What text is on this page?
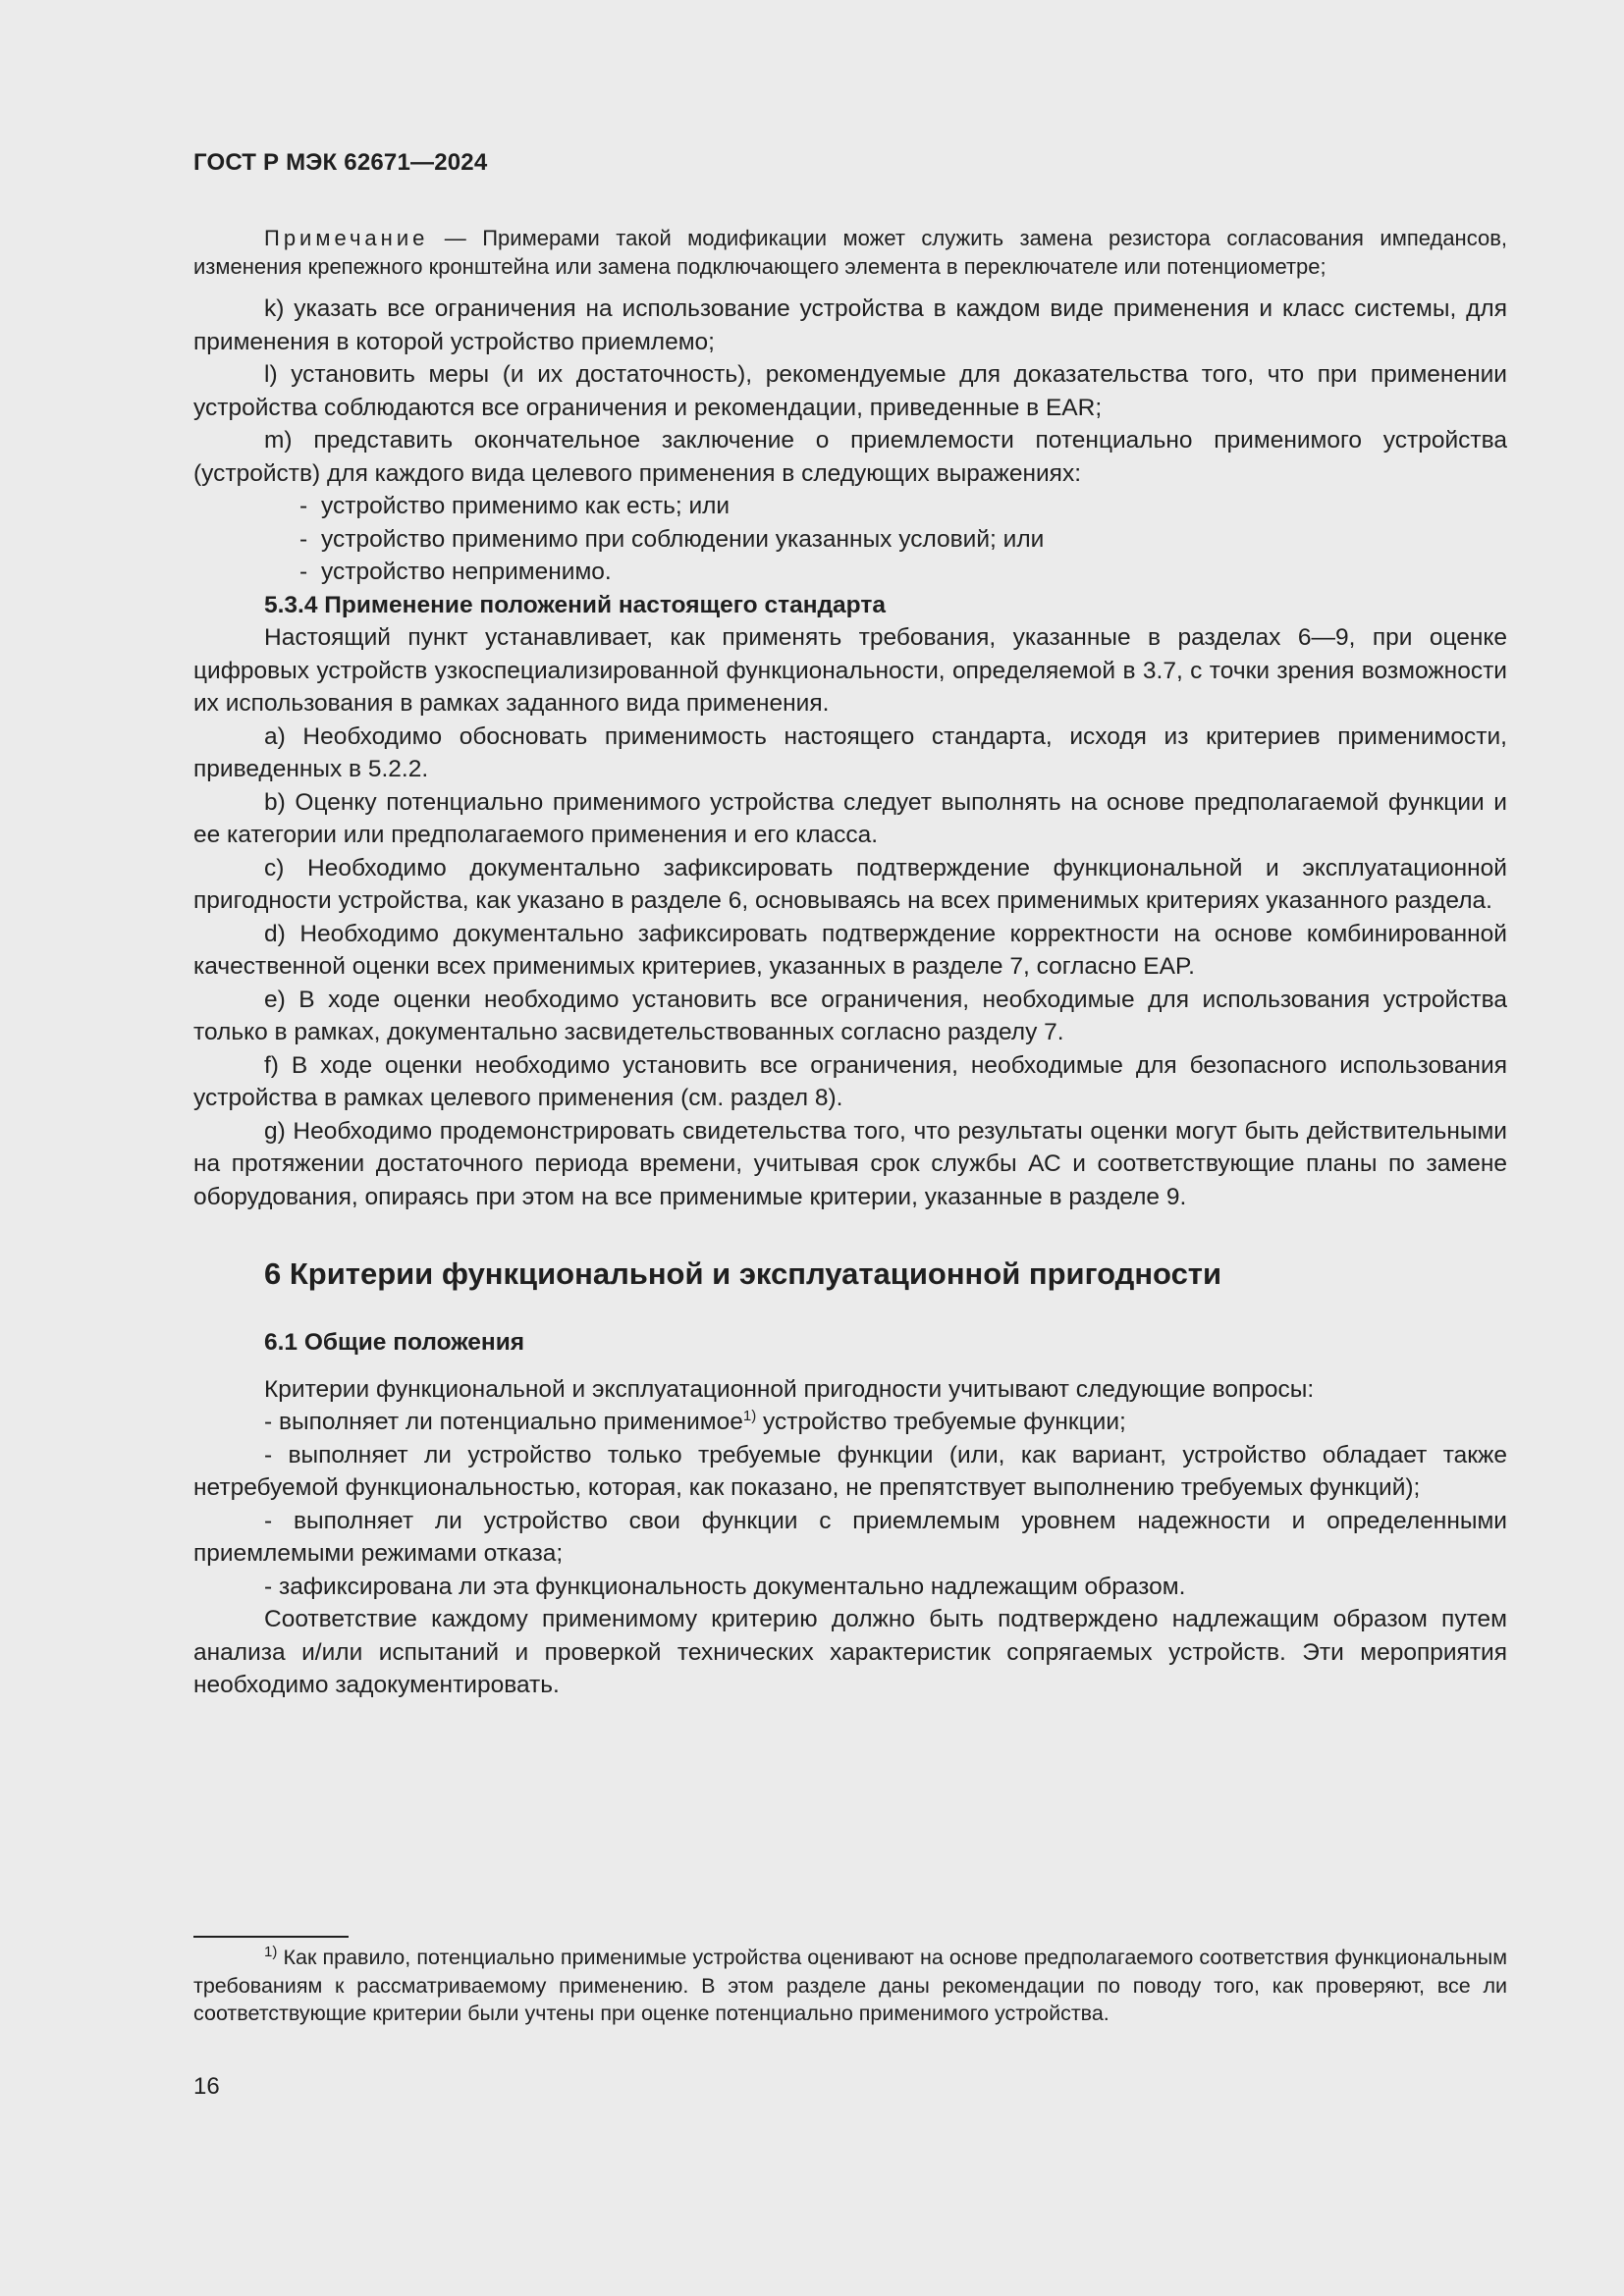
ГОСТ Р МЭК 62671—2024

Примечание — Примерами такой модификации может служить замена резистора согласования импедансов, изменения крепежного кронштейна или замена подключающего элемента в переключателе или потенциометре;

k) указать все ограничения на использование устройства в каждом виде применения и класс системы, для применения в которой устройство приемлемо;

l) установить меры (и их достаточность), рекомендуемые для доказательства того, что при применении устройства соблюдаются все ограничения и рекомендации, приведенные в EAR;

m) представить окончательное заключение о приемлемости потенциально применимого устройства (устройств) для каждого вида целевого применения в следующих выражениях:

- устройство применимо как есть; или

- устройство применимо при соблюдении указанных условий; или

- устройство неприменимо.

5.3.4 Применение положений настоящего стандарта

Настоящий пункт устанавливает, как применять требования, указанные в разделах 6—9, при оценке цифровых устройств узкоспециализированной функциональности, определяемой в 3.7, с точки зрения возможности их использования в рамках заданного вида применения.

a) Необходимо обосновать применимость настоящего стандарта, исходя из критериев применимости, приведенных в 5.2.2.

b) Оценку потенциально применимого устройства следует выполнять на основе предполагаемой функции и ее категории или предполагаемого применения и его класса.

c) Необходимо документально зафиксировать подтверждение функциональной и эксплуатационной пригодности устройства, как указано в разделе 6, основываясь на всех применимых критериях указанного раздела.

d) Необходимо документально зафиксировать подтверждение корректности на основе комбинированной качественной оценки всех применимых критериев, указанных в разделе 7, согласно EAP.

e) В ходе оценки необходимо установить все ограничения, необходимые для использования устройства только в рамках, документально засвидетельствованных согласно разделу 7.

f) В ходе оценки необходимо установить все ограничения, необходимые для безопасного использования устройства в рамках целевого применения (см. раздел 8).

g) Необходимо продемонстрировать свидетельства того, что результаты оценки могут быть действительными на протяжении достаточного периода времени, учитывая срок службы АС и соответствующие планы по замене оборудования, опираясь при этом на все применимые критерии, указанные в разделе 9.

6 Критерии функциональной и эксплуатационной пригодности

6.1 Общие положения

Критерии функциональной и эксплуатационной пригодности учитывают следующие вопросы:

- выполняет ли потенциально применимое$^{1)}$ устройство требуемые функции;

- выполняет ли устройство только требуемые функции (или, как вариант, устройство обладает также нетребуемой функциональностью, которая, как показано, не препятствует выполнению требуемых функций);

- выполняет ли устройство свои функции с приемлемым уровнем надежности и определенными приемлемыми режимами отказа;

- зафиксирована ли эта функциональность документально надлежащим образом.

Соответствие каждому применимому критерию должно быть подтверждено надлежащим образом путем анализа и/или испытаний и проверкой технических характеристик сопрягаемых устройств. Эти мероприятия необходимо задокументировать.

$^{1)}$ Как правило, потенциально применимые устройства оценивают на основе предполагаемого соответствия функциональным требованиям к рассматриваемому применению. В этом разделе даны рекомендации по поводу того, как проверяют, все ли соответствующие критерии были учтены при оценке потенциально применимого устройства.

16
